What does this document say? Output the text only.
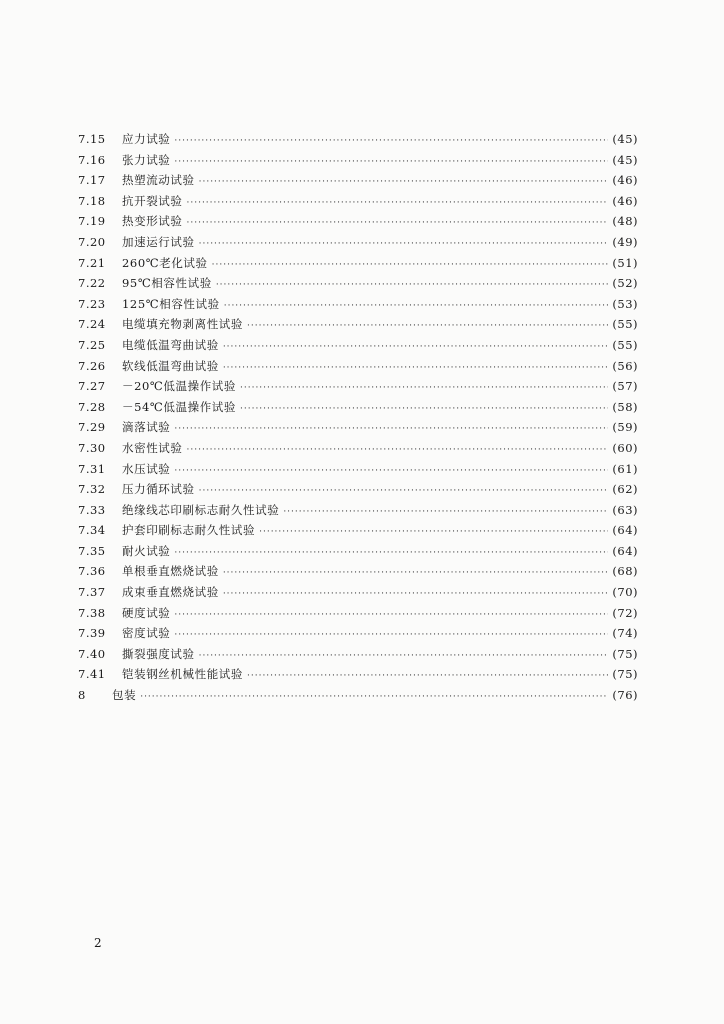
7.15	应力试验 ·····	(45)
7.16	张力试验 ·····	(45)
7.17	热塑流动试验 ·····	(46)
7.18	抗开裂试验 ·····	(46)
7.19	热变形试验 ·····	(48)
7.20	加速运行试验 ·····	(49)
7.21	260℃老化试验 ·····	(51)
7.22	95℃相容性试验 ·····	(52)
7.23	125℃相容性试验 ·····	(53)
7.24	电缆填充物剥离性试验 ·····	(55)
7.25	电缆低温弯曲试验 ·····	(55)
7.26	软线低温弯曲试验 ·····	(56)
7.27	－20℃低温操作试验 ·····	(57)
7.28	－54℃低温操作试验 ·····	(58)
7.29	滴落试验 ·····	(59)
7.30	水密性试验 ·····	(60)
7.31	水压试验 ·····	(61)
7.32	压力循环试验 ·····	(62)
7.33	绝缘线芯印刷标志耐久性试验 ·····	(63)
7.34	护套印刷标志耐久性试验 ·····	(64)
7.35	耐火试验 ·····	(64)
7.36	单根垂直燃烧试验 ·····	(68)
7.37	成束垂直燃烧试验 ·····	(70)
7.38	硬度试验 ·····	(72)
7.39	密度试验 ·····	(74)
7.40	撕裂强度试验 ·····	(75)
7.41	铠装钢丝机械性能试验 ·····	(75)
8	包装 ·····	(76)
2
